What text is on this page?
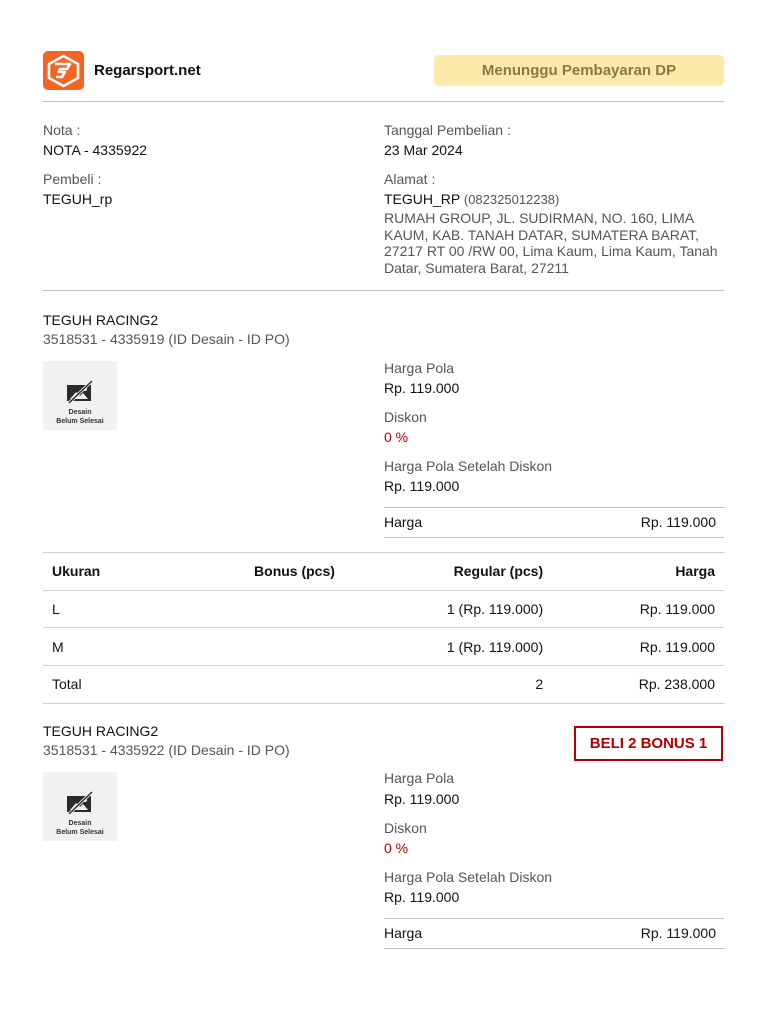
Regarsport.net	Menunggu Pembayaran DP
Nota :
NOTA - 4335922
Pembeli :
TEGUH_rp
Tanggal Pembelian :
23 Mar 2024
Alamat :
TEGUH_RP (082325012238)
RUMAH GROUP, JL. SUDIRMAN, NO. 160, LIMA KAUM, KAB. TANAH DATAR, SUMATERA BARAT, 27217 RT 00 /RW 00, Lima Kaum, Lima Kaum, Tanah Datar, Sumatera Barat, 27211
TEGUH RACING2
3518531 - 4335919 (ID Desain - ID PO)
Desain
Belum Selesai
Harga Pola
Rp. 119.000
Diskon
0 %
Harga Pola Setelah Diskon
Rp. 119.000
Harga	Rp. 119.000
Ukuran	Bonus (pcs)	Regular (pcs)	Harga
L		1 (Rp. 119.000)	Rp. 119.000
M		1 (Rp. 119.000)	Rp. 119.000
Total		2	Rp. 238.000
TEGUH RACING2
3518531 - 4335922 (ID Desain - ID PO)	BELI 2 BONUS 1
Desain
Belum Selesai
Harga Pola
Rp. 119.000
Diskon
0 %
Harga Pola Setelah Diskon
Rp. 119.000
Harga	Rp. 119.000
